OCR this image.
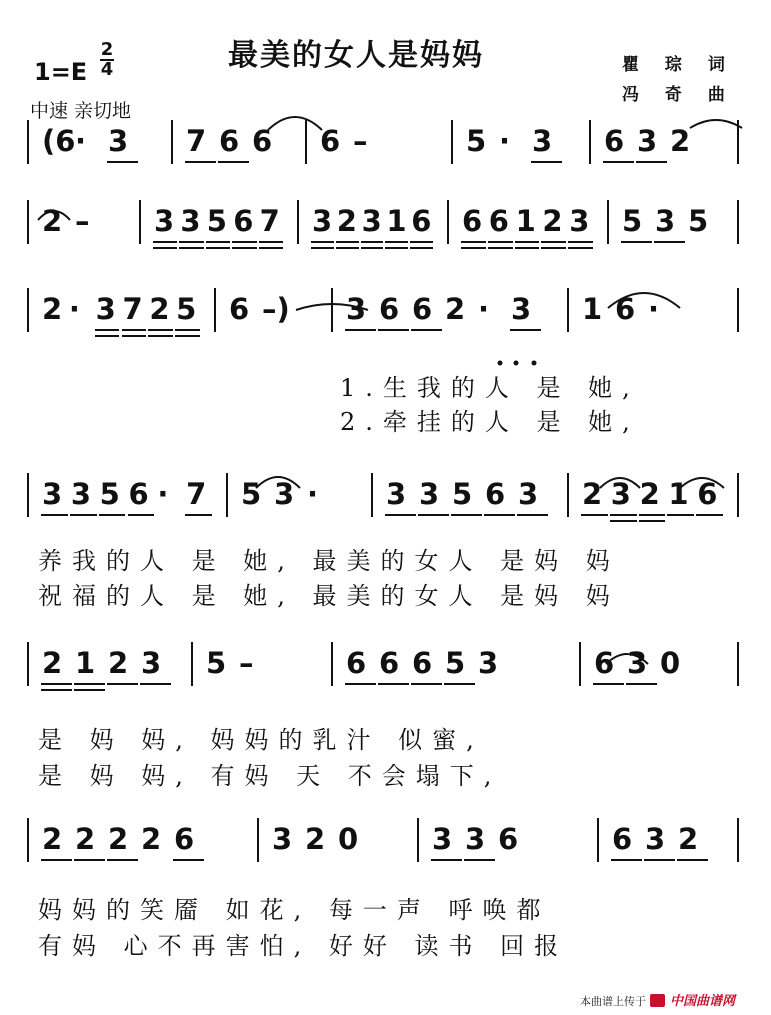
最美的女人是妈妈
1=E
2
4
中速 亲切地
瞿 琮 词
冯 奇 曲
(6 · 3 7 6 6 6 –	5 · 3 6 3 2
2 – 3 3 5 6 7 3 2 3 1 6 6 6 1 2 3 5 3 5
2 · 3 7 2 5 6 –) 3 6 6 2 · 3 1 6 ·
3 3 5 6 · 7 5 3 · 3 3 5 6 3 2 3 2 1 6
2 1 2 3 5 –	6 6 6 5 3	6 3 0
2 2 2 2 6	3 2 0	3 3 6	6 3 2
1.生我的人 是 她,
2.牵挂的人 是 她,
养我的人 是 她, 最美的女人 是妈 妈
祝福的人 是 她, 最美的女人 是妈 妈
是 妈 妈, 妈妈的乳汁 似蜜,
是 妈 妈, 有妈 天 不会塌下,
妈妈的笑靥 如花, 每一声 呼唤都
有妈 心不再害怕, 好好 读书 回报
本曲谱上传于 中国曲谱网
